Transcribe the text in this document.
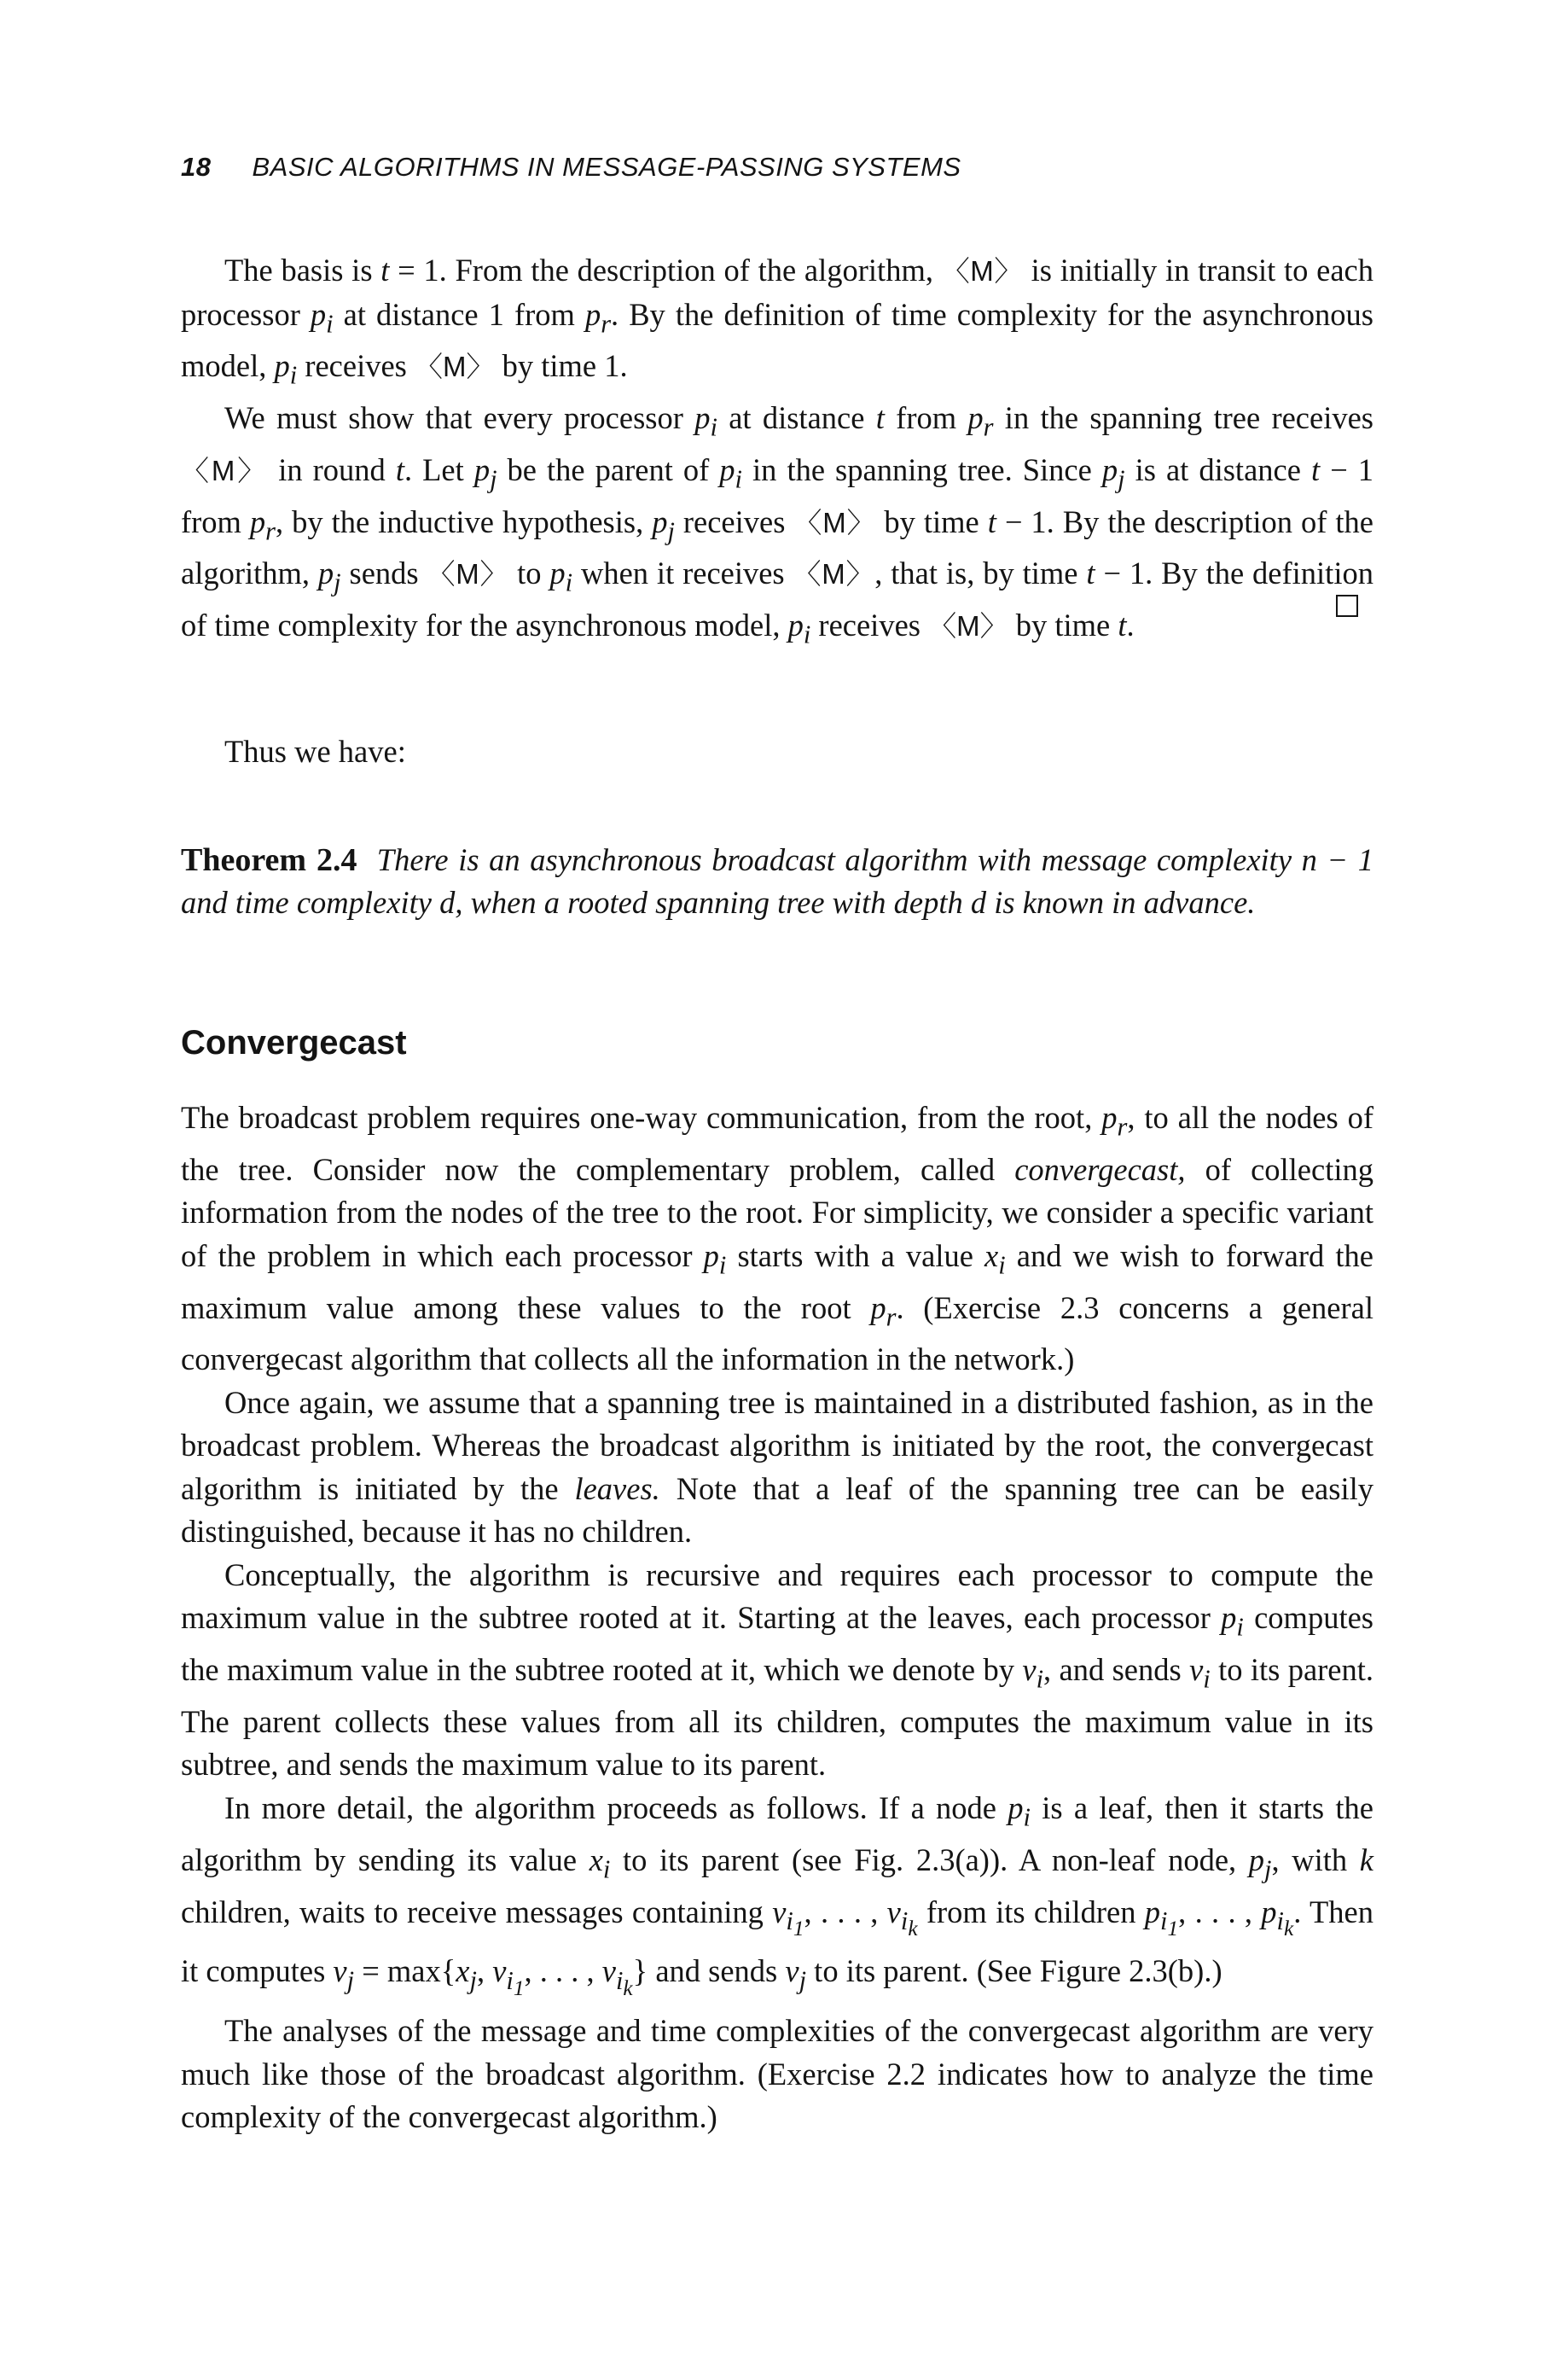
18 BASIC ALGORITHMS IN MESSAGE-PASSING SYSTEMS

The basis is t = 1. From the description of the algorithm, 〈M〉 is initially in transit to each processor $p_i$ at distance 1 from $p_r$. By the definition of time complexity for the asynchronous model, $p_i$ receives 〈M〉 by time 1.

We must show that every processor $p_i$ at distance t from $p_r$ in the spanning tree receives 〈M〉 in round t. Let $p_j$ be the parent of $p_i$ in the spanning tree. Since $p_j$ is at distance t − 1 from $p_r$, by the inductive hypothesis, $p_j$ receives 〈M〉 by time t − 1. By the description of the algorithm, $p_j$ sends 〈M〉 to $p_i$ when it receives 〈M〉, that is, by time t − 1. By the definition of time complexity for the asynchronous model, $p_i$ receives 〈M〉 by time t.

Thus we have:
Theorem 2.4 There is an asynchronous broadcast algorithm with message complexity n − 1 and time complexity d, when a rooted spanning tree with depth d is known in advance.
Convergecast

The broadcast problem requires one-way communication, from the root, $p_r$, to all the nodes of the tree. Consider now the complementary problem, called convergecast, of collecting information from the nodes of the tree to the root. For simplicity, we consider a specific variant of the problem in which each processor $p_i$ starts with a value $x_i$ and we wish to forward the maximum value among these values to the root $p_r$. (Exercise 2.3 concerns a general convergecast algorithm that collects all the information in the network.)

Once again, we assume that a spanning tree is maintained in a distributed fashion, as in the broadcast problem. Whereas the broadcast algorithm is initiated by the root, the convergecast algorithm is initiated by the leaves. Note that a leaf of the spanning tree can be easily distinguished, because it has no children.

Conceptually, the algorithm is recursive and requires each processor to compute the maximum value in the subtree rooted at it. Starting at the leaves, each processor $p_i$ computes the maximum value in the subtree rooted at it, which we denote by $v_i$, and sends $v_i$ to its parent. The parent collects these values from all its children, computes the maximum value in its subtree, and sends the maximum value to its parent.

In more detail, the algorithm proceeds as follows. If a node $p_i$ is a leaf, then it starts the algorithm by sending its value $x_i$ to its parent (see Fig. 2.3(a)). A non-leaf node, $p_j$, with k children, waits to receive messages containing $v_{i_1}$, . . . , $v_{i_k}$ from its children $p_{i_1}$, . . . , $p_{i_k}$. Then it computes $v_j = \max\{x_j$, $v_{i_1}$, . . . , $v_{i_k}$} and sends $v_j$ to its parent. (See Figure 2.3(b).)

The analyses of the message and time complexities of the convergecast algorithm are very much like those of the broadcast algorithm. (Exercise 2.2 indicates how to analyze the time complexity of the convergecast algorithm.)
